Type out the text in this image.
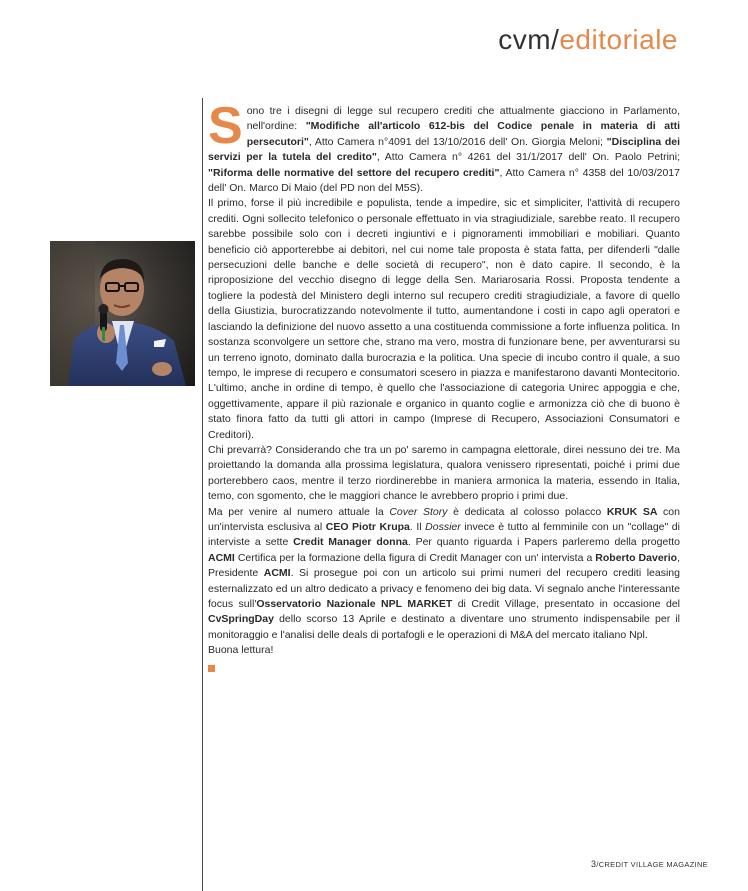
cvm/editoriale

Sono tre i disegni di legge sul recupero crediti che attualmente giacciono in Parlamento, nell'ordine: "Modifiche all'articolo 612-bis del Codice penale in materia di atti persecutori", Atto Camera n°4091 del 13/10/2016 dell' On. Giorgia Meloni; "Disciplina dei servizi per la tutela del credito", Atto Camera n° 4261 del 31/1/2017 dell' On. Paolo Petrini; "Riforma delle normative del settore del recupero crediti", Atto Camera n° 4358 del 10/03/2017 dell' On. Marco Di Maio (del PD non del M5S).

Il primo, forse il più incredibile e populista, tende a impedire, sic et simpliciter, l'attività di recupero crediti. Ogni sollecito telefonico o personale effettuato in via stragiudiziale, sarebbe reato. Il recupero sarebbe possibile solo con i decreti ingiuntivi e i pignoramenti immobiliari e mobiliari. Quanto beneficio ciò apporterebbe ai debitori, nel cui nome tale proposta è stata fatta, per difenderli "dalle persecuzioni delle banche e delle società di recupero", non è dato capire. Il secondo, è la riproposizione del vecchio disegno di legge della Sen. Mariarosaria Rossi. Proposta tendente a togliere la podestà del Ministero degli interno sul recupero crediti stragiudiziale, a favore di quello della Giustizia, burocratizzando notevolmente il tutto, aumentandone i costi in capo agli operatori e lasciando la definizione del nuovo assetto a una costituenda commissione a forte influenza politica. In sostanza sconvolgere un settore che, strano ma vero, mostra di funzionare bene, per avventurarsi su un terreno ignoto, dominato dalla burocrazia e la politica. Una specie di incubo contro il quale, a suo tempo, le imprese di recupero e consumatori scesero in piazza e manifestarono davanti Montecitorio. L'ultimo, anche in ordine di tempo, è quello che l'associazione di categoria Unirec appoggia e che, oggettivamente, appare il più razionale e organico in quanto coglie e armonizza ciò che di buono è stato finora fatto da tutti gli attori in campo (Imprese di Recupero, Associazioni Consumatori e Creditori).

Chi prevarrà? Considerando che tra un po' saremo in campagna elettorale, direi nessuno dei tre. Ma proiettando la domanda alla prossima legislatura, qualora venissero ripresentati, poiché i primi due porterebbero caos, mentre il terzo riordinerebbe in maniera armonica la materia, essendo in Italia, temo, con sgomento, che le maggiori chance le avrebbero proprio i primi due.

Ma per venire al numero attuale la Cover Story è dedicata al colosso polacco KRUK SA con un'intervista esclusiva al CEO Piotr Krupa. Il Dossier invece è tutto al femminile con un "collage" di interviste a sette Credit Manager donna. Per quanto riguarda i Papers parleremo della progetto ACMI Certifica per la formazione della figura di Credit Manager con un' intervista a Roberto Daverio, Presidente ACMI. Si prosegue poi con un articolo sui primi numeri del recupero crediti leasing esternalizzato ed un altro dedicato a privacy e fenomeno dei big data. Vi segnalo anche l'interessante focus sull'Osservatorio Nazionale NPL MARKET di Credit Village, presentato in occasione del CvSpringDay dello scorso 13 Aprile e destinato a diventare uno strumento indispensabile per il monitoraggio e l'analisi delle deals di portafogli e le operazioni di M&A del mercato italiano Npl.

Buona lettura!

3/CREDIT VILLAGE MAGAZINE
